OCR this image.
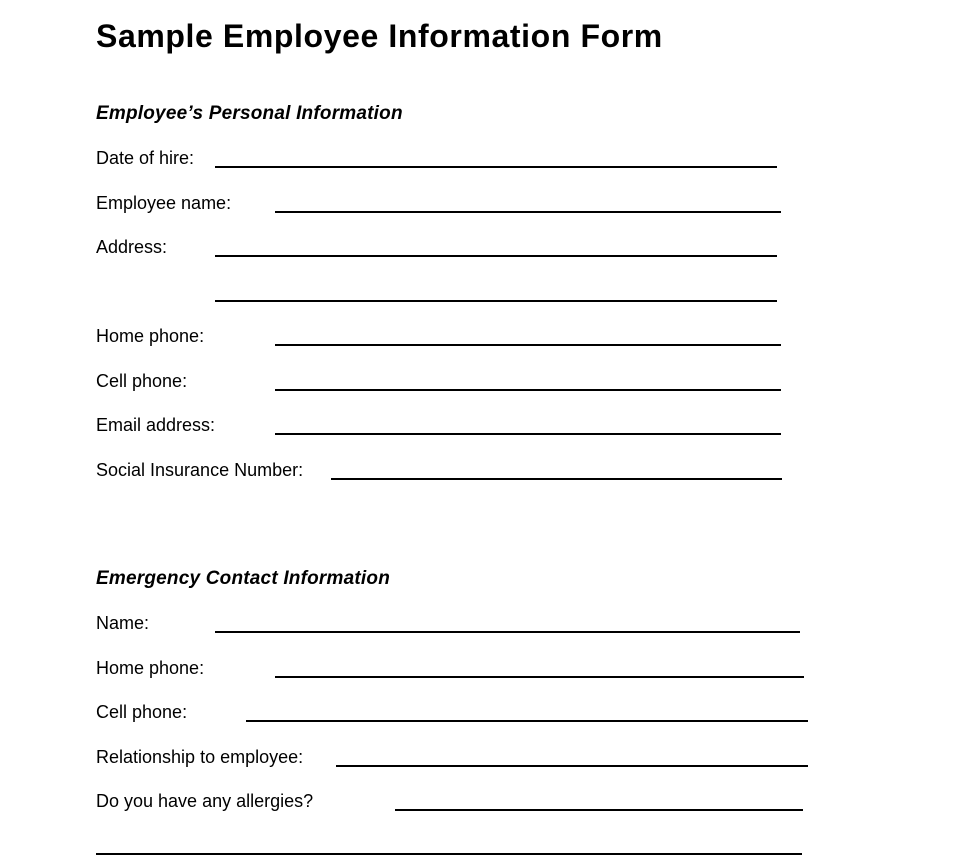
Sample Employee Information Form
Employee’s Personal Information
Date of hire:
Employee name:
Address:
Home phone:
Cell phone:
Email address:
Social Insurance Number:
Emergency Contact Information
Name:
Home phone:
Cell phone:
Relationship to employee:
Do you have any allergies?
